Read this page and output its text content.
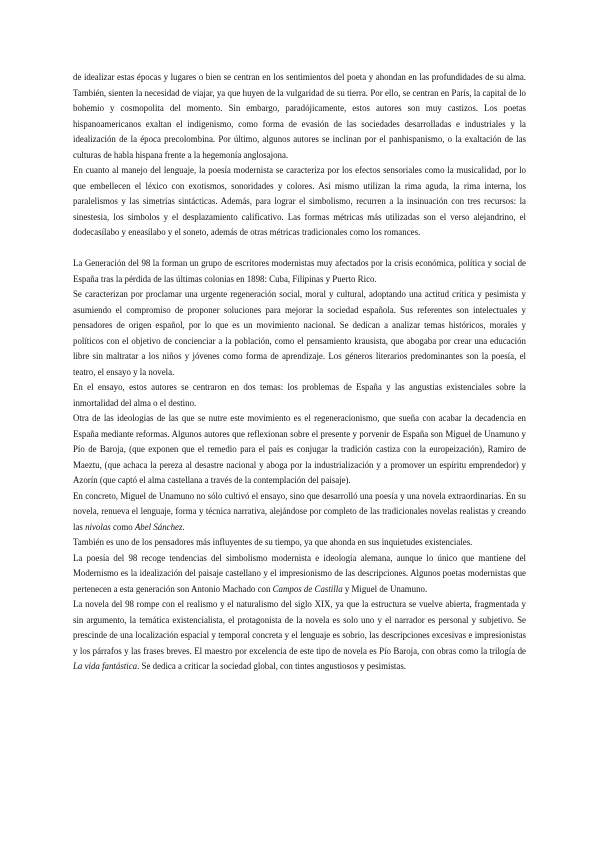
de idealizar estas épocas y lugares o bien se centran en los sentimientos del poeta y ahondan en las profundidades de su alma. También, sienten la necesidad de viajar, ya que huyen de la vulgaridad de su tierra. Por ello, se centran en París, la capital de lo bohemio y cosmopolita del momento. Sin embargo, paradójicamente, estos autores son muy castizos. Los poetas hispanoamericanos exaltan el indigenismo, como forma de evasión de las sociedades desarrolladas e industriales y la idealización de la época precolombina. Por último, algunos autores se inclinan por el panhispanismo, o la exaltación de las culturas de habla hispana frente a la hegemonía anglosajona.

En cuanto al manejo del lenguaje, la poesía modernista se caracteriza por los efectos sensoriales como la musicalidad, por lo que embellecen el léxico con exotismos, sonoridades y colores. Así mismo utilizan la rima aguda, la rima interna, los paralelismos y las simetrías sintácticas. Además, para lograr el simbolismo, recurren a la insinuación con tres recursos: la sinestesia, los símbolos y el desplazamiento calificativo. Las formas métricas más utilizadas son el verso alejandrino, el dodecasílabo y eneasílabo y el soneto, además de otras métricas tradicionales como los romances.

La Generación del 98 la forman un grupo de escritores modernistas muy afectados por la crisis económica, política y social de España tras la pérdida de las últimas colonias en 1898: Cuba, Filipinas y Puerto Rico.

Se caracterizan por proclamar una urgente regeneración social, moral y cultural, adoptando una actitud crítica y pesimista y asumiendo el compromiso de proponer soluciones para mejorar la sociedad española. Sus referentes son intelectuales y pensadores de origen español, por lo que es un movimiento nacional. Se dedican a analizar temas históricos, morales y políticos con el objetivo de concienciar a la población, como el pensamiento krausista, que abogaba por crear una educación libre sin maltratar a los niños y jóvenes como forma de aprendizaje. Los géneros literarios predominantes son la poesía, el teatro, el ensayo y la novela.

En el ensayo, estos autores se centraron en dos temas: los problemas de España y las angustias existenciales sobre la inmortalidad del alma o el destino.

Otra de las ideologías de las que se nutre este movimiento es el regeneracionismo, que sueña con acabar la decadencia en España mediante reformas. Algunos autores que reflexionan sobre el presente y porvenir de España son Miguel de Unamuno y Pío de Baroja, (que exponen que el remedio para el país es conjugar la tradición castiza con la europeización), Ramiro de Maeztu, (que achaca la pereza al desastre nacional y aboga por la industrialización y a promover un espíritu emprendedor) y Azorín (que captó el alma castellana a través de la contemplación del paisaje).

En concreto, Miguel de Unamuno no sólo cultivó el ensayo, sino que desarrolló una poesía y una novela extraordinarias. En su novela, renueva el lenguaje, forma y técnica narrativa, alejándose por completo de las tradicionales novelas realistas y creando las nivolas como Abel Sánchez.

También es uno de los pensadores más influyentes de su tiempo, ya que ahonda en sus inquietudes existenciales.

La poesía del 98 recoge tendencias del simbolismo modernista e ideología alemana, aunque lo único que mantiene del Modernismo es la idealización del paisaje castellano y el impresionismo de las descripciones. Algunos poetas modernistas que pertenecen a esta generación son Antonio Machado con Campos de Castilla y Miguel de Unamuno.

La novela del 98 rompe con el realismo y el naturalismo del siglo XIX, ya que la estructura se vuelve abierta, fragmentada y sin argumento, la temática existencialista, el protagonista de la novela es solo uno y el narrador es personal y subjetivo. Se prescinde de una localización espacial y temporal concreta y el lenguaje es sobrio, las descripciones excesivas e impresionistas y los párrafos y las frases breves. El maestro por excelencia de este tipo de novela es Pío Baroja, con obras como la trilogía de La vida fantástica. Se dedica a criticar la sociedad global, con tintes angustiosos y pesimistas.
